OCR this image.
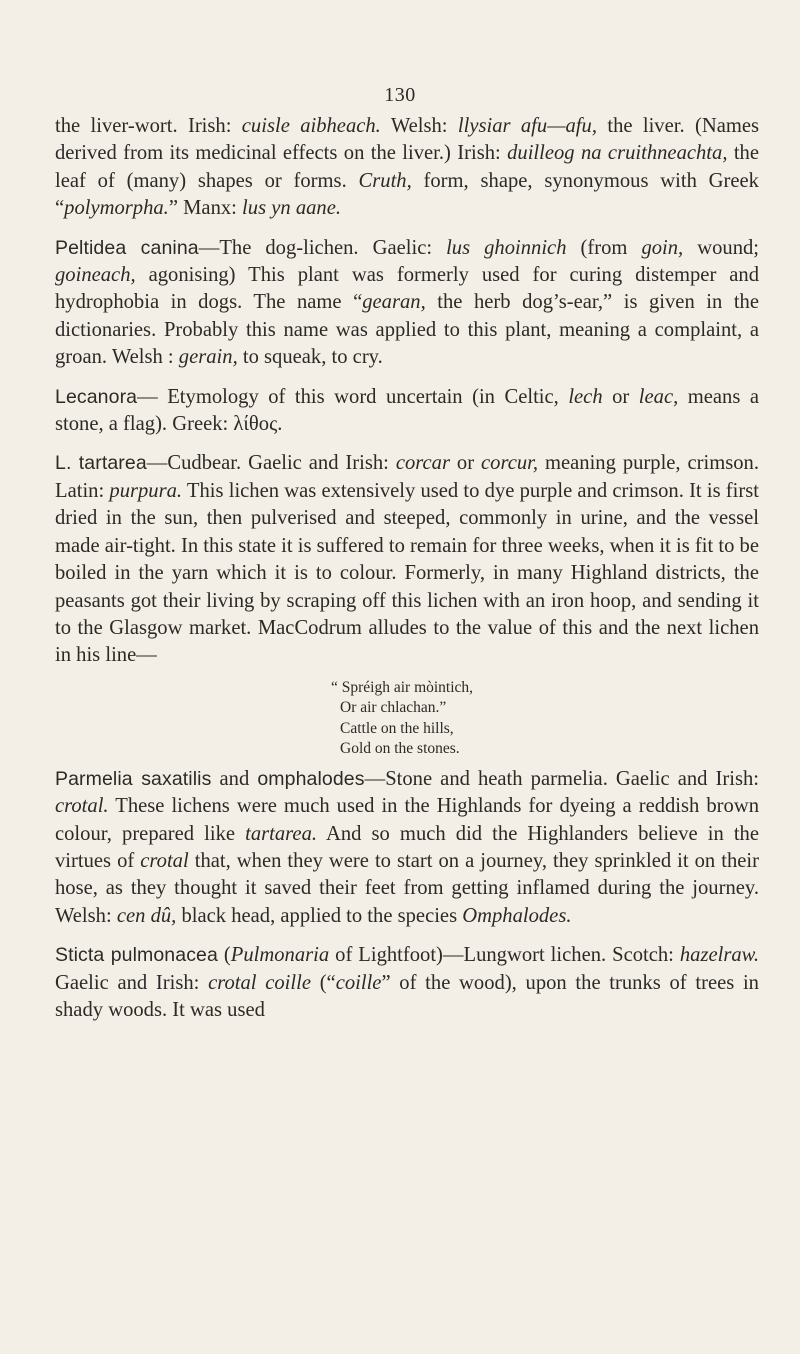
130

the liver-wort. Irish: cuisle aibheach. Welsh: llysiar afu—afu, the liver. (Names derived from its medicinal effects on the liver.) Irish: duilleog na cruithneachta, the leaf of (many) shapes or forms. Cruth, form, shape, synonymous with Greek “polymorpha.” Manx: lus yn aane.

Peltidea canina—The dog-lichen. Gaelic: lus ghoinnich (from goin, wound; goineach, agonising) This plant was formerly used for curing distemper and hydrophobia in dogs. The name “gearan, the herb dog’s-ear,” is given in the dictionaries. Probably this name was applied to this plant, meaning a complaint, a groan. Welsh : gerain, to squeak, to cry.

Lecanora— Etymology of this word uncertain (in Celtic, lech or leac, means a stone, a flag). Greek: λίθος.

L. tartarea—Cudbear. Gaelic and Irish: corcar or corcur, meaning purple, crimson. Latin: purpura. This lichen was extensively used to dye purple and crimson. It is first dried in the sun, then pulverised and steeped, commonly in urine, and the vessel made air-tight. In this state it is suffered to remain for three weeks, when it is fit to be boiled in the yarn which it is to colour. Formerly, in many Highland districts, the peasants got their living by scraping off this lichen with an iron hoop, and sending it to the Glasgow market. MacCodrum alludes to the value of this and the next lichen in his line—

“ Spréigh air mòintich,
Or air chlachan.”
Cattle on the hills,
Gold on the stones.

Parmelia saxatilis and omphalodes—Stone and heath parmelia. Gaelic and Irish: crotal. These lichens were much used in the Highlands for dyeing a reddish brown colour, prepared like tartarea. And so much did the Highlanders believe in the virtues of crotal that, when they were to start on a journey, they sprinkled it on their hose, as they thought it saved their feet from getting inflamed during the journey. Welsh: cen dû, black head, applied to the species Omphalodes.

Sticta pulmonacea (Pulmonaria of Lightfoot)—Lungwort lichen. Scotch: hazelraw. Gaelic and Irish: crotal coille (“coille” of the wood), upon the trunks of trees in shady woods. It was used
